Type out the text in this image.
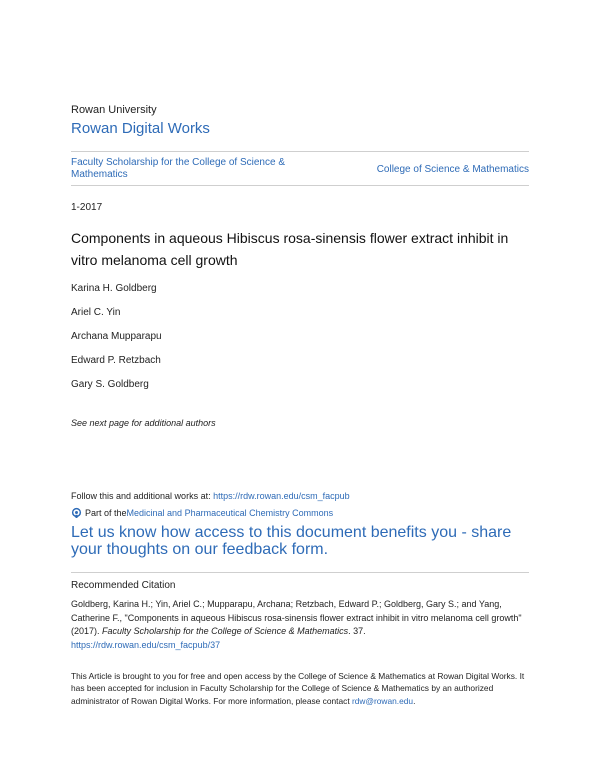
Rowan University
Rowan Digital Works
Faculty Scholarship for the College of Science & Mathematics	College of Science & Mathematics
1-2017
Components in aqueous Hibiscus rosa-sinensis flower extract inhibit in vitro melanoma cell growth
Karina H. Goldberg
Ariel C. Yin
Archana Mupparapu
Edward P. Retzbach
Gary S. Goldberg
See next page for additional authors
Follow this and additional works at: https://rdw.rowan.edu/csm_facpub
Part of the Medicinal and Pharmaceutical Chemistry Commons
Let us know how access to this document benefits you - share your thoughts on our feedback form.
Recommended Citation
Goldberg, Karina H.; Yin, Ariel C.; Mupparapu, Archana; Retzbach, Edward P.; Goldberg, Gary S.; and Yang, Catherine F., "Components in aqueous Hibiscus rosa-sinensis flower extract inhibit in vitro melanoma cell growth" (2017). Faculty Scholarship for the College of Science & Mathematics. 37.
https://rdw.rowan.edu/csm_facpub/37
This Article is brought to you for free and open access by the College of Science & Mathematics at Rowan Digital Works. It has been accepted for inclusion in Faculty Scholarship for the College of Science & Mathematics by an authorized administrator of Rowan Digital Works. For more information, please contact rdw@rowan.edu.
